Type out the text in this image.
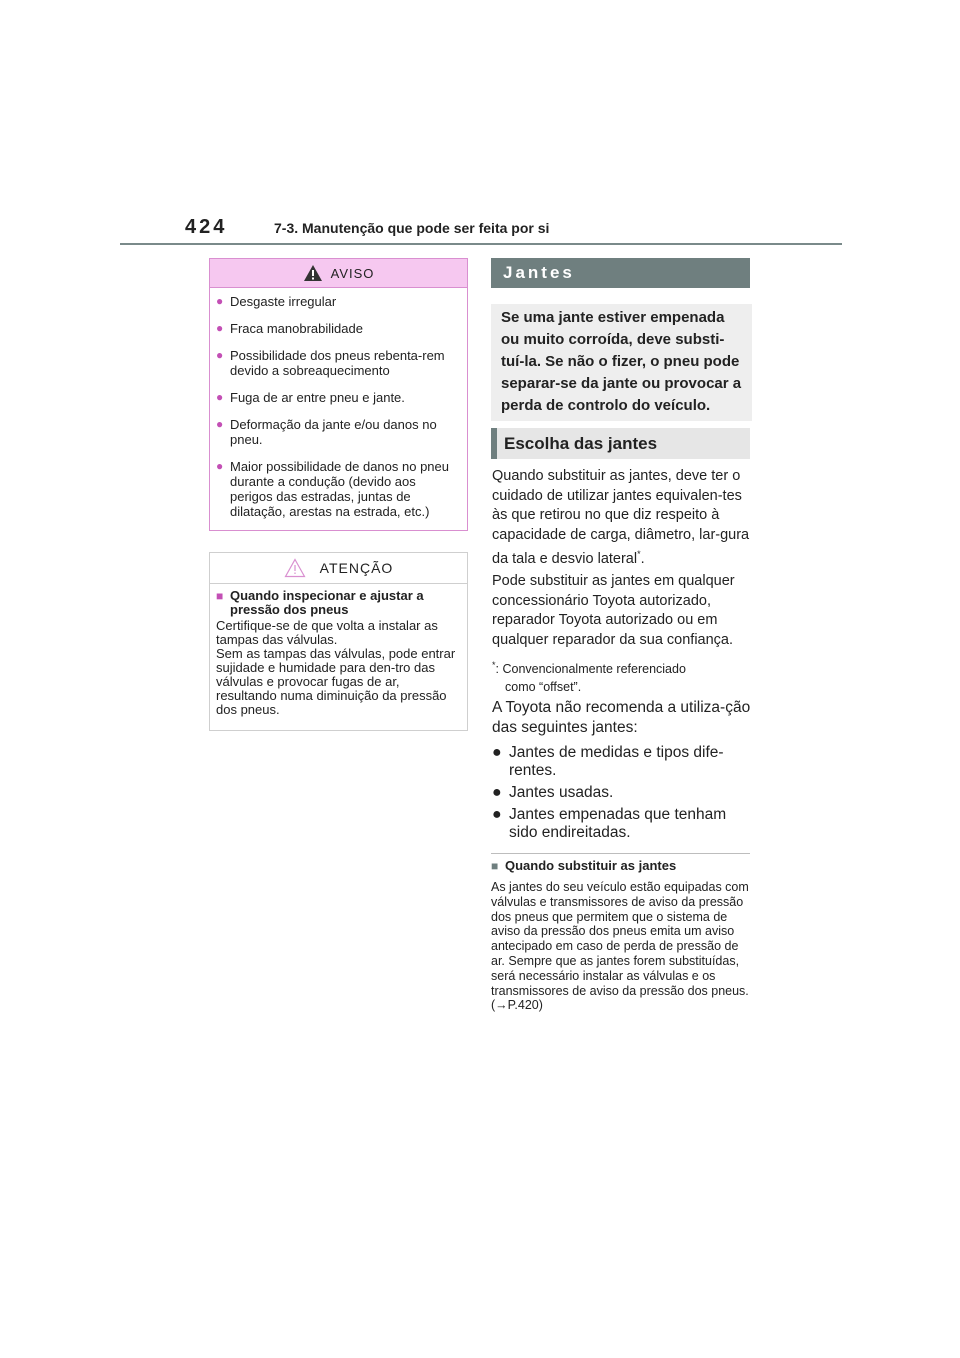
424	7-3. Manutenção que pode ser feita por si
AVISO
● Desgaste irregular
● Fraca manobrabilidade
● Possibilidade dos pneus rebenta-rem devido a sobreaquecimento
● Fuga de ar entre pneu e jante.
● Deformação da jante e/ou danos no pneu.
● Maior possibilidade de danos no pneu durante a condução (devido aos perigos das estradas, juntas de dilatação, arestas na estrada, etc.)
ATENÇÃO
■ Quando inspecionar e ajustar a pressão dos pneus
Certifique-se de que volta a instalar as tampas das válvulas.
Sem as tampas das válvulas, pode entrar sujidade e humidade para den-tro das válvulas e provocar fugas de ar, resultando numa diminuição da pressão dos pneus.
Jantes
Se uma jante estiver empenada ou muito corroída, deve substi-tuí-la. Se não o fizer, o pneu pode separar-se da jante ou provocar a perda de controlo do veículo.
Escolha das jantes
Quando substituir as jantes, deve ter o cuidado de utilizar jantes equivalen-tes às que retirou no que diz respeito à capacidade de carga, diâmetro, lar-gura da tala e desvio lateral*.
Pode substituir as jantes em qualquer concessionário Toyota autorizado, reparador Toyota autorizado ou em qualquer reparador da sua confiança.
*: Convencionalmente referenciado
como “offset”.
A Toyota não recomenda a utiliza-ção das seguintes jantes:
● Jantes de medidas e tipos dife-rentes.
● Jantes usadas.
● Jantes empenadas que tenham sido endireitadas.
■ Quando substituir as jantes
As jantes do seu veículo estão equipadas com válvulas e transmissores de aviso da pressão dos pneus que permitem que o sistema de aviso da pressão dos pneus emita um aviso antecipado em caso de perda de pressão de ar. Sempre que as jantes forem substituídas, será necessário instalar as válvulas e os transmissores de aviso da pressão dos pneus. (→P.420)
